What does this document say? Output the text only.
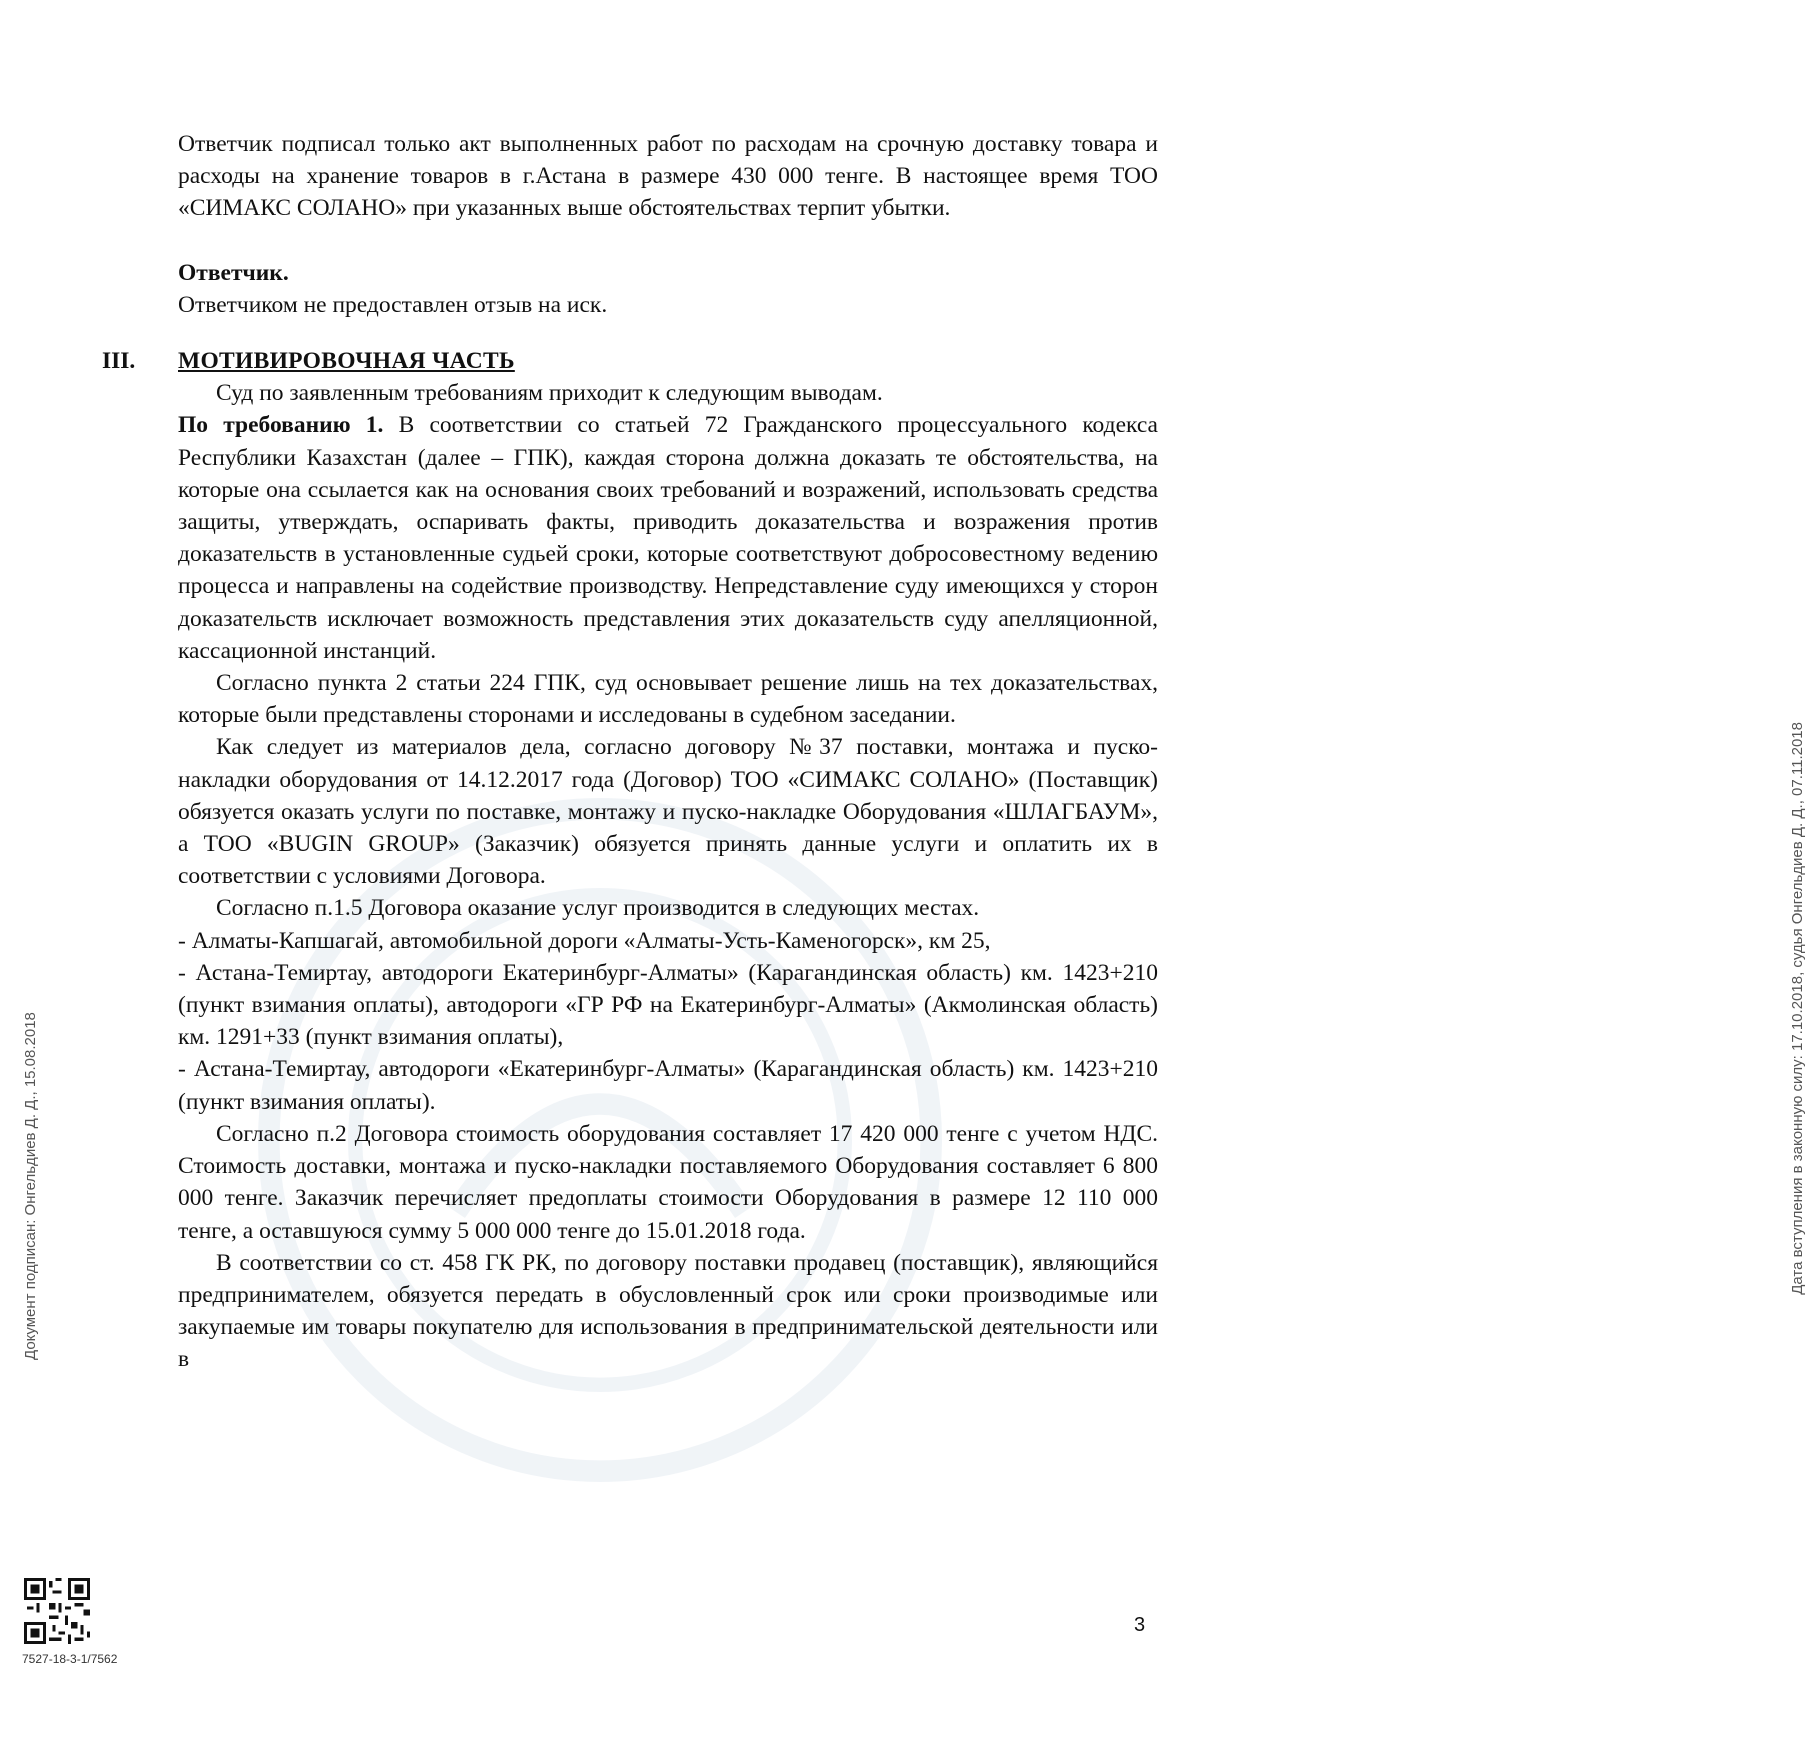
Ответчик подписал только акт выполненных работ по расходам на срочную доставку товара и расходы на хранение товаров в г.Астана в размере 430 000 тенге. В настоящее время ТОО «СИМАКС СОЛАНО» при указанных выше обстоятельствах терпит убытки.

Ответчик.

Ответчиком не предоставлен отзыв на иск.

III. МОТИВИРОВОЧНАЯ ЧАСТЬ

Суд по заявленным требованиям приходит к следующим выводам.

По требованию 1. В соответствии со статьей 72 Гражданского процессуального кодекса Республики Казахстан (далее – ГПК), каждая сторона должна доказать те обстоятельства, на которые она ссылается как на основания своих требований и возражений, использовать средства защиты, утверждать, оспаривать факты, приводить доказательства и возражения против доказательств в установленные судьей сроки, которые соответствуют добросовестному ведению процесса и направлены на содействие производству. Непредставление суду имеющихся у сторон доказательств исключает возможность представления этих доказательств суду апелляционной, кассационной инстанций.

Согласно пункта 2 статьи 224 ГПК, суд основывает решение лишь на тех доказательствах, которые были представлены сторонами и исследованы в судебном заседании.

Как следует из материалов дела, согласно договору №37 поставки, монтажа и пуско-накладки оборудования от 14.12.2017 года (Договор) ТОО «СИМАКС СОЛАНО» (Поставщик) обязуется оказать услуги по поставке, монтажу и пуско-накладке Оборудования «ШЛАГБАУМ», а ТОО «BUGIN GROUP» (Заказчик) обязуется принять данные услуги и оплатить их в соответствии с условиями Договора.

Согласно п.1.5 Договора оказание услуг производится в следующих местах.

- Алматы-Капшагай, автомобильной дороги «Алматы-Усть-Каменогорск», км 25,

- Астана-Темиртау, автодороги Екатеринбург-Алматы» (Карагандинская область) км. 1423+210 (пункт взимания оплаты), автодороги «ГР РФ на Екатеринбург-Алматы» (Акмолинская область) км. 1291+33 (пункт взимания оплаты),

- Астана-Темиртау, автодороги «Екатеринбург-Алматы» (Карагандинская область) км. 1423+210 (пункт взимания оплаты).

Согласно п.2 Договора стоимость оборудования составляет 17 420 000 тенге с учетом НДС. Стоимость доставки, монтажа и пуско-накладки поставляемого Оборудования составляет 6 800 000 тенге. Заказчик перечисляет предоплаты стоимости Оборудования в размере 12 110 000 тенге, а оставшуюся сумму 5 000 000 тенге до 15.01.2018 года.

В соответствии со ст. 458 ГК РК, по договору поставки продавец (поставщик), являющийся предпринимателем, обязуется передать в обусловленный срок или сроки производимые или закупаемые им товары покупателю для использования в предпринимательской деятельности или в

Документ подписан: Онгельдиев Д. Д., 15.08.2018	Дата вступления в законную силу: 17.10.2018, судья Онгельдиев Д. Д., 07.11.2018
7527-18-3-1/7562
3
